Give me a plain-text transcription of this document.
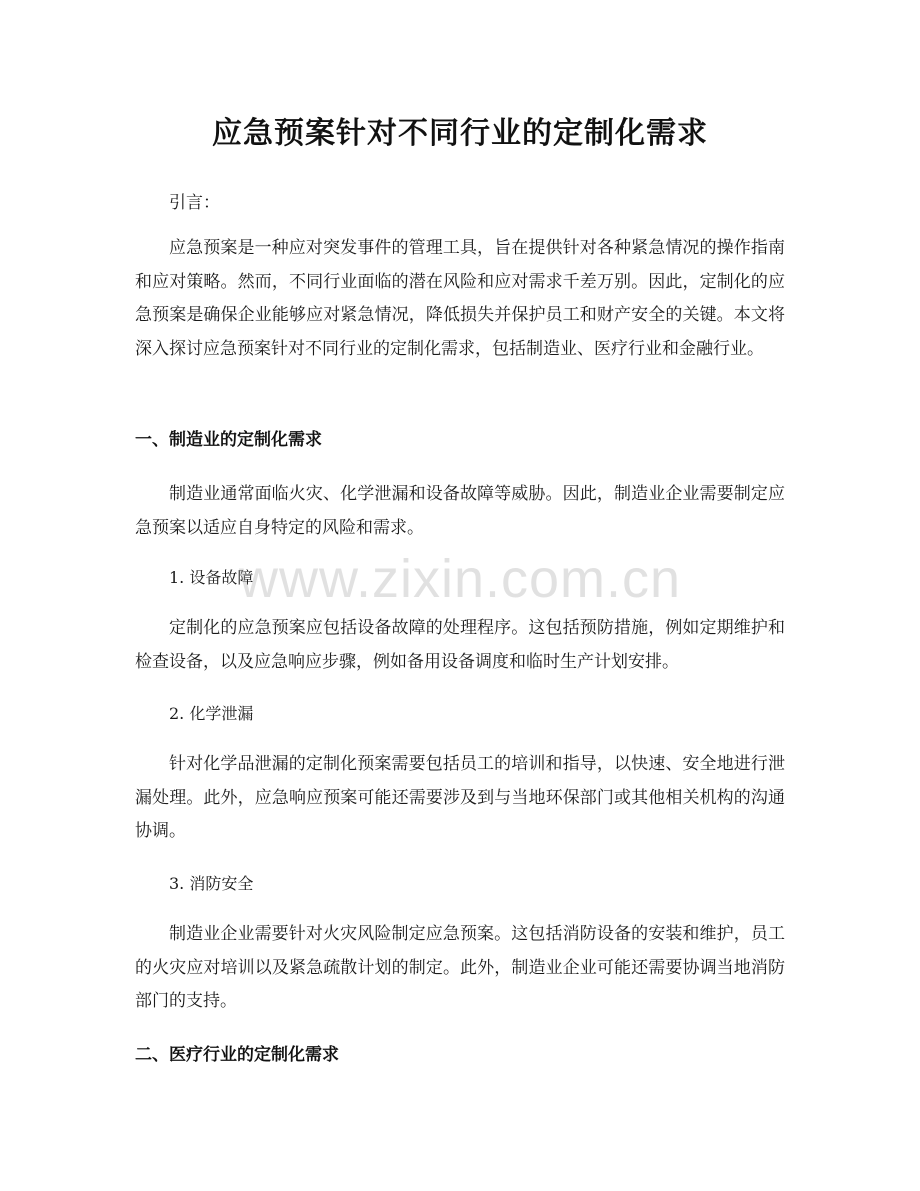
应急预案针对不同行业的定制化需求

引言：

应急预案是一种应对突发事件的管理工具，旨在提供针对各种紧急情况的操作指南和应对策略。然而，不同行业面临的潜在风险和应对需求千差万别。因此，定制化的应急预案是确保企业能够应对紧急情况，降低损失并保护员工和财产安全的关键。本文将深入探讨应急预案针对不同行业的定制化需求，包括制造业、医疗行业和金融行业。

一、制造业的定制化需求

制造业通常面临火灾、化学泄漏和设备故障等威胁。因此，制造业企业需要制定应急预案以适应自身特定的风险和需求。

1. 设备故障

定制化的应急预案应包括设备故障的处理程序。这包括预防措施，例如定期维护和检查设备，以及应急响应步骤，例如备用设备调度和临时生产计划安排。

2. 化学泄漏

针对化学品泄漏的定制化预案需要包括员工的培训和指导，以快速、安全地进行泄漏处理。此外，应急响应预案可能还需要涉及到与当地环保部门或其他相关机构的沟通协调。

3. 消防安全

制造业企业需要针对火灾风险制定应急预案。这包括消防设备的安装和维护，员工的火灾应对培训以及紧急疏散计划的制定。此外，制造业企业可能还需要协调当地消防部门的支持。

二、医疗行业的定制化需求
www.zixin.com.cn
